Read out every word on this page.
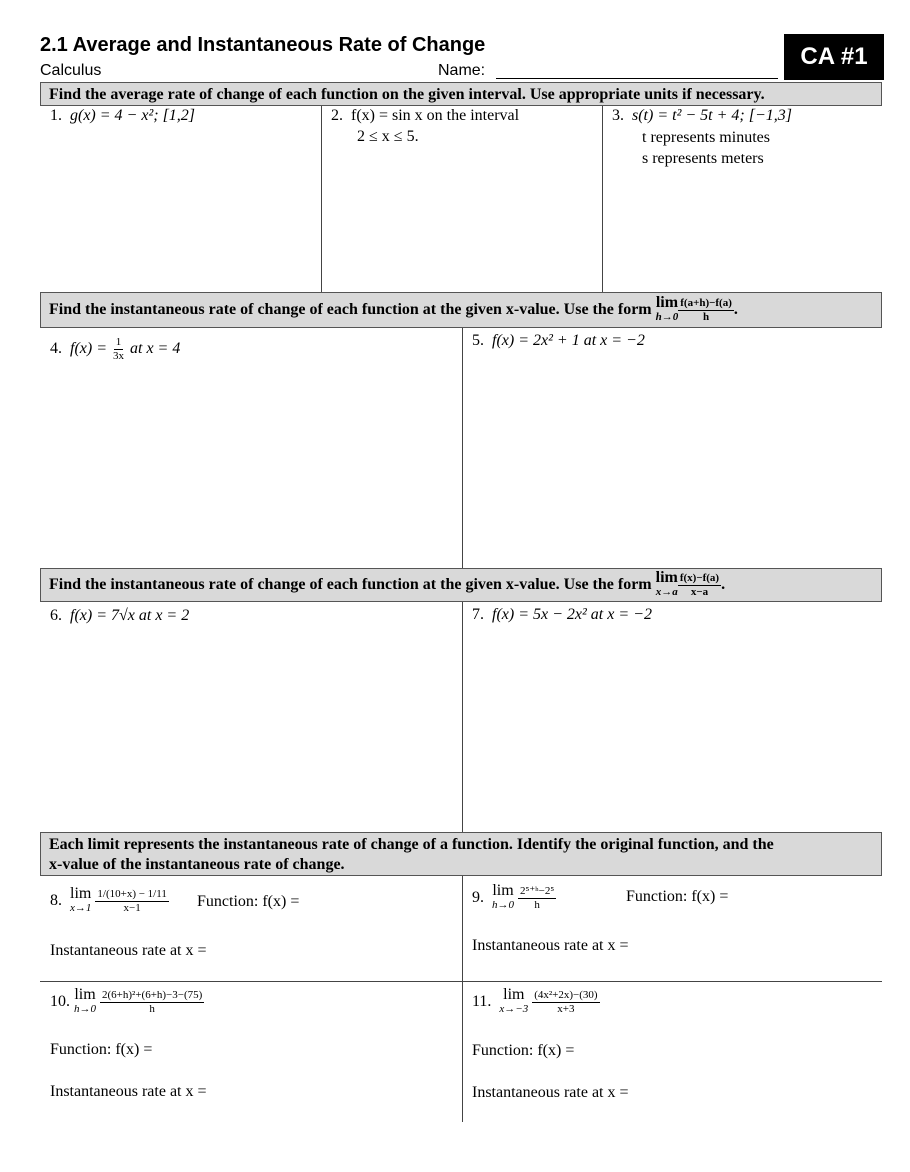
2.1 Average and Instantaneous Rate of Change
Calculus	Name:
CA #1
Find the average rate of change of each function on the given interval. Use appropriate units if necessary.
1. g(x) = 4 − x²; [1,2]	2. f(x) = sin x on the interval
2 ≤ x ≤ 5.
3. s(t) = t² − 5t + 4; [−1,3]
t represents minutes
s represents meters
Find the instantaneous rate of change of each function at the given x-value. Use the form
lim
$h\to 0 \frac{f(a+h)-f(a)}{h}$ .
4. $f(x) = \frac{1}{3x}$ at x = 4	5. f(x) = 2x² + 1 at x = −2
Find the instantaneous rate of change of each function at the given x-value. Use the form
lim
$x\to a \frac{f(x)-f(a)}{x-a}$ .
6. f(x) = 7√x at x = 2	7. f(x) = 5x − 2x² at x = −2
Each limit represents the instantaneous rate of change of a function. Identify the original function, and the
x-value of the instantaneous rate of change.
8.
lim
x→1
$\frac{1/(10+x) - 1/11}{x-1}$ Function: f(x) =
Instantaneous rate at x =
9.
lim
h→0
$\frac{\text{2⁵⁺ʰ−2⁵}}{h}$	Function: f(x) =
Instantaneous rate at x =
10.
lim
h→0
$\frac{\text{2(6+h)²+(6+h)−3−(75)}}{h}$
Function: f(x) =
Instantaneous rate at x =
11.
lim
x→−3
$\frac{\text{(4x²+2x)−(30)}}{x+3}$
Function: f(x) =
Instantaneous rate at x =
